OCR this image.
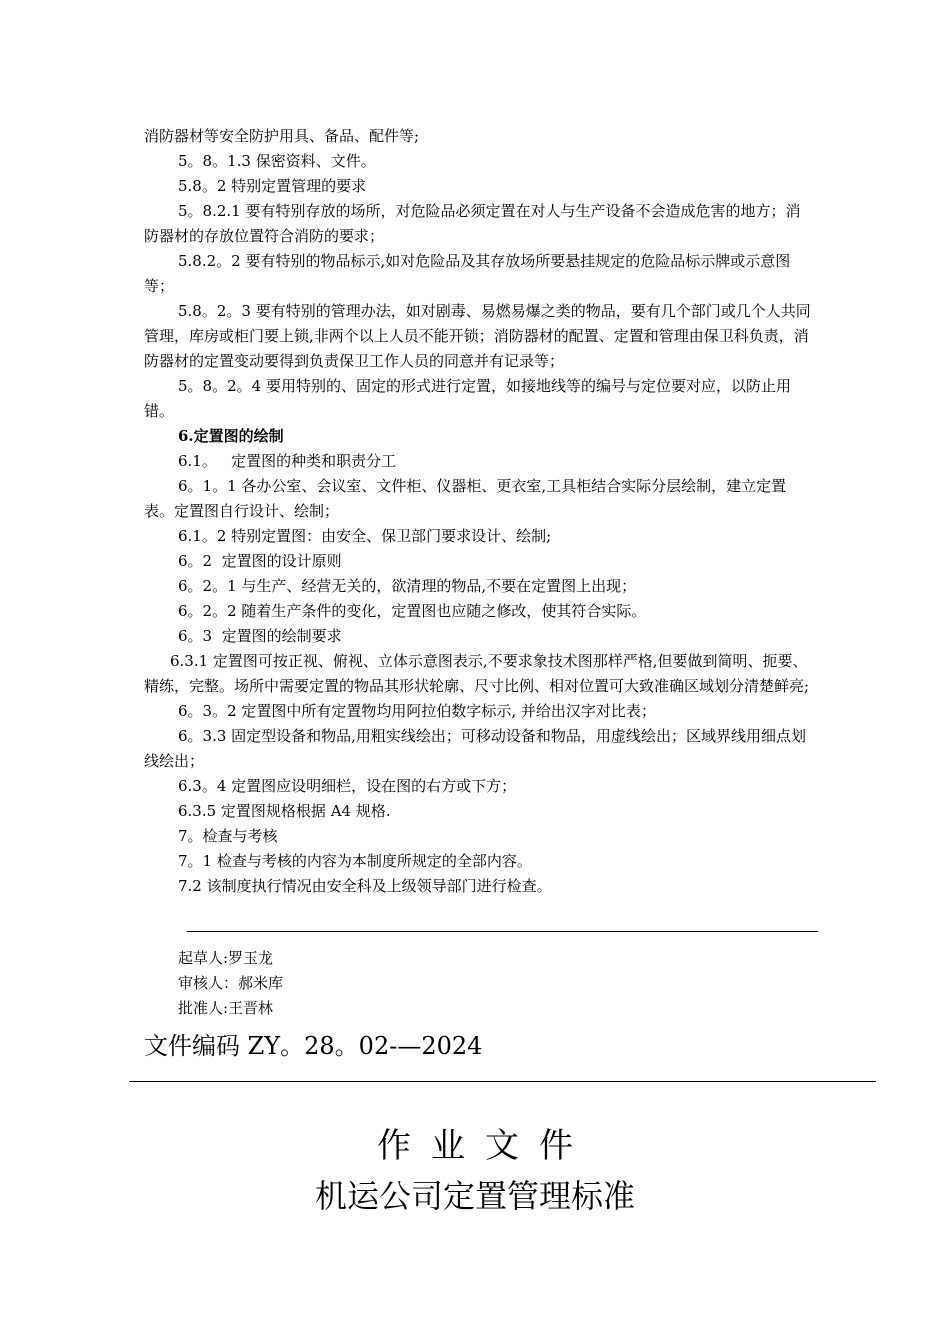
消防器材等安全防护用具、备品、配件等;

5。8。1.3 保密资料、文件。

5.8。2 特别定置管理的要求

5。8.2.1 要有特别存放的场所，对危险品必须定置在对人与生产设备不会造成危害的地方；消防器材的存放位置符合消防的要求；

5.8.2。2 要有特别的物品标示,如对危险品及其存放场所要悬挂规定的危险品标示牌或示意图等；

5.8。2。3 要有特别的管理办法，如对剧毒、易燃易爆之类的物品，要有几个部门或几个人共同管理，库房或柜门要上锁,非两个以上人员不能开锁；消防器材的配置、定置和管理由保卫科负责，消防器材的定置变动要得到负责保卫工作人员的同意并有记录等；

5。8。2。4 要用特别的、固定的形式进行定置，如接地线等的编号与定位要对应，以防止用错。

6.定置图的绘制

6.1。   定置图的种类和职责分工

6。1。1 各办公室、会议室、文件柜、仪器柜、更衣室,工具柜结合实际分层绘制，建立定置表。定置图自行设计、绘制；

6.1。2 特别定置图：由安全、保卫部门要求设计、绘制;

6。2  定置图的设计原则

6。2。1 与生产、经营无关的，欲清理的物品,不要在定置图上出现；

6。2。2 随着生产条件的变化，定置图也应随之修改，使其符合实际。

6。3  定置图的绘制要求

6.3.1 定置图可按正视、俯视、立体示意图表示,不要求象技术图那样严格,但要做到简明、扼要、精练，完整。场所中需要定置的物品其形状轮廓、尺寸比例、相对位置可大致准确区域划分清楚鲜亮;

6。3。2 定置图中所有定置物均用阿拉伯数字标示, 并给出汉字对比表；

6。3.3 固定型设备和物品,用粗实线绘出；可移动设备和物品，用虚线绘出；区域界线用细点划线绘出；

6.3。4 定置图应设明细栏，设在图的右方或下方；

6.3.5 定置图规格根据 A4 规格.

7。检查与考核

7。1 检查与考核的内容为本制度所规定的全部内容。

7.2 该制度执行情况由安全科及上级领导部门进行检查。

起草人:罗玉龙

审核人：郝米库

批准人:王晋林

文件编码 ZY。28。02-—2024
作业文件
机运公司定置管理标准
